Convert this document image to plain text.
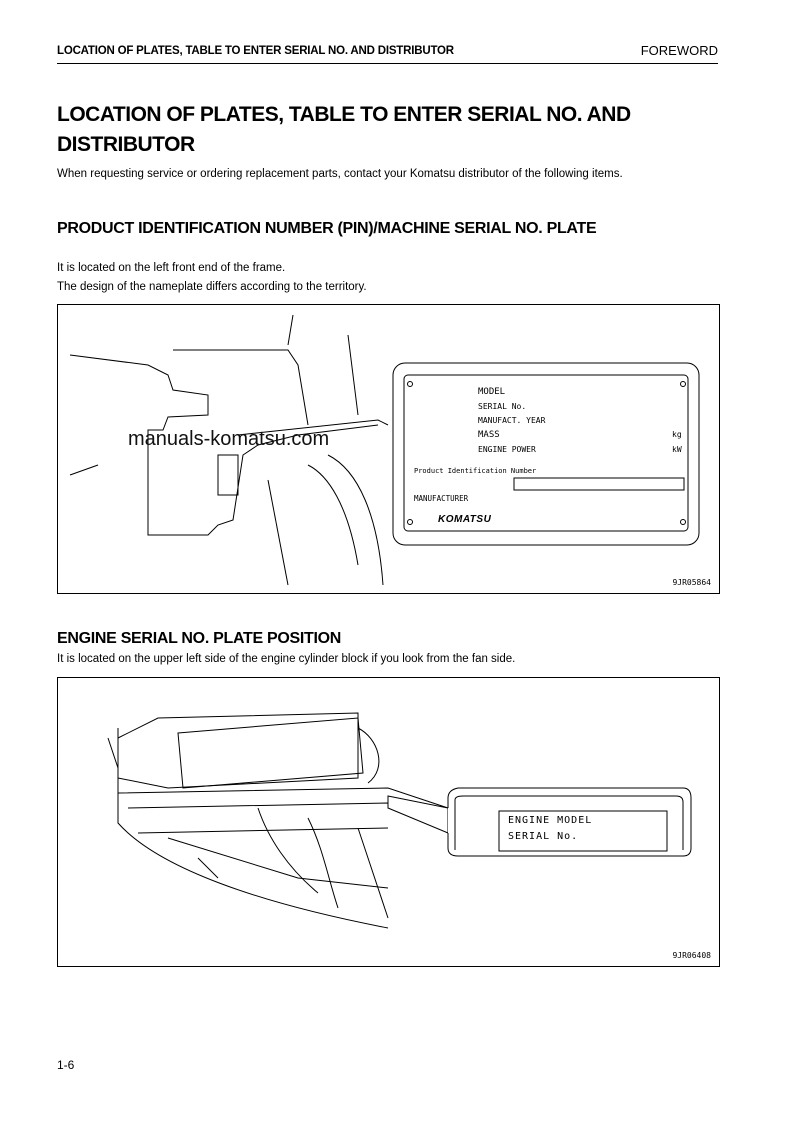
LOCATION OF PLATES, TABLE TO ENTER SERIAL NO. AND DISTRIBUTOR	FOREWORD
LOCATION OF PLATES, TABLE TO ENTER SERIAL NO. AND DISTRIBUTOR
When requesting service or ordering replacement parts, contact your Komatsu distributor of the following items.
PRODUCT IDENTIFICATION NUMBER (PIN)/MACHINE SERIAL NO. PLATE
It is located on the left front end of the frame.
The design of the nameplate differs according to the territory.
MODEL
SERIAL No.
MANUFACT. YEAR
MASS	kg
ENGINE POWER	kW
Product Identification Number
MANUFACTURER
KOMATSU
9JR05864
manuals-komatsu.com
ENGINE SERIAL NO. PLATE POSITION
It is located on the upper left side of the engine cylinder block if you look from the fan side.
ENGINE MODEL
SERIAL No.
9JR06408
1-6
